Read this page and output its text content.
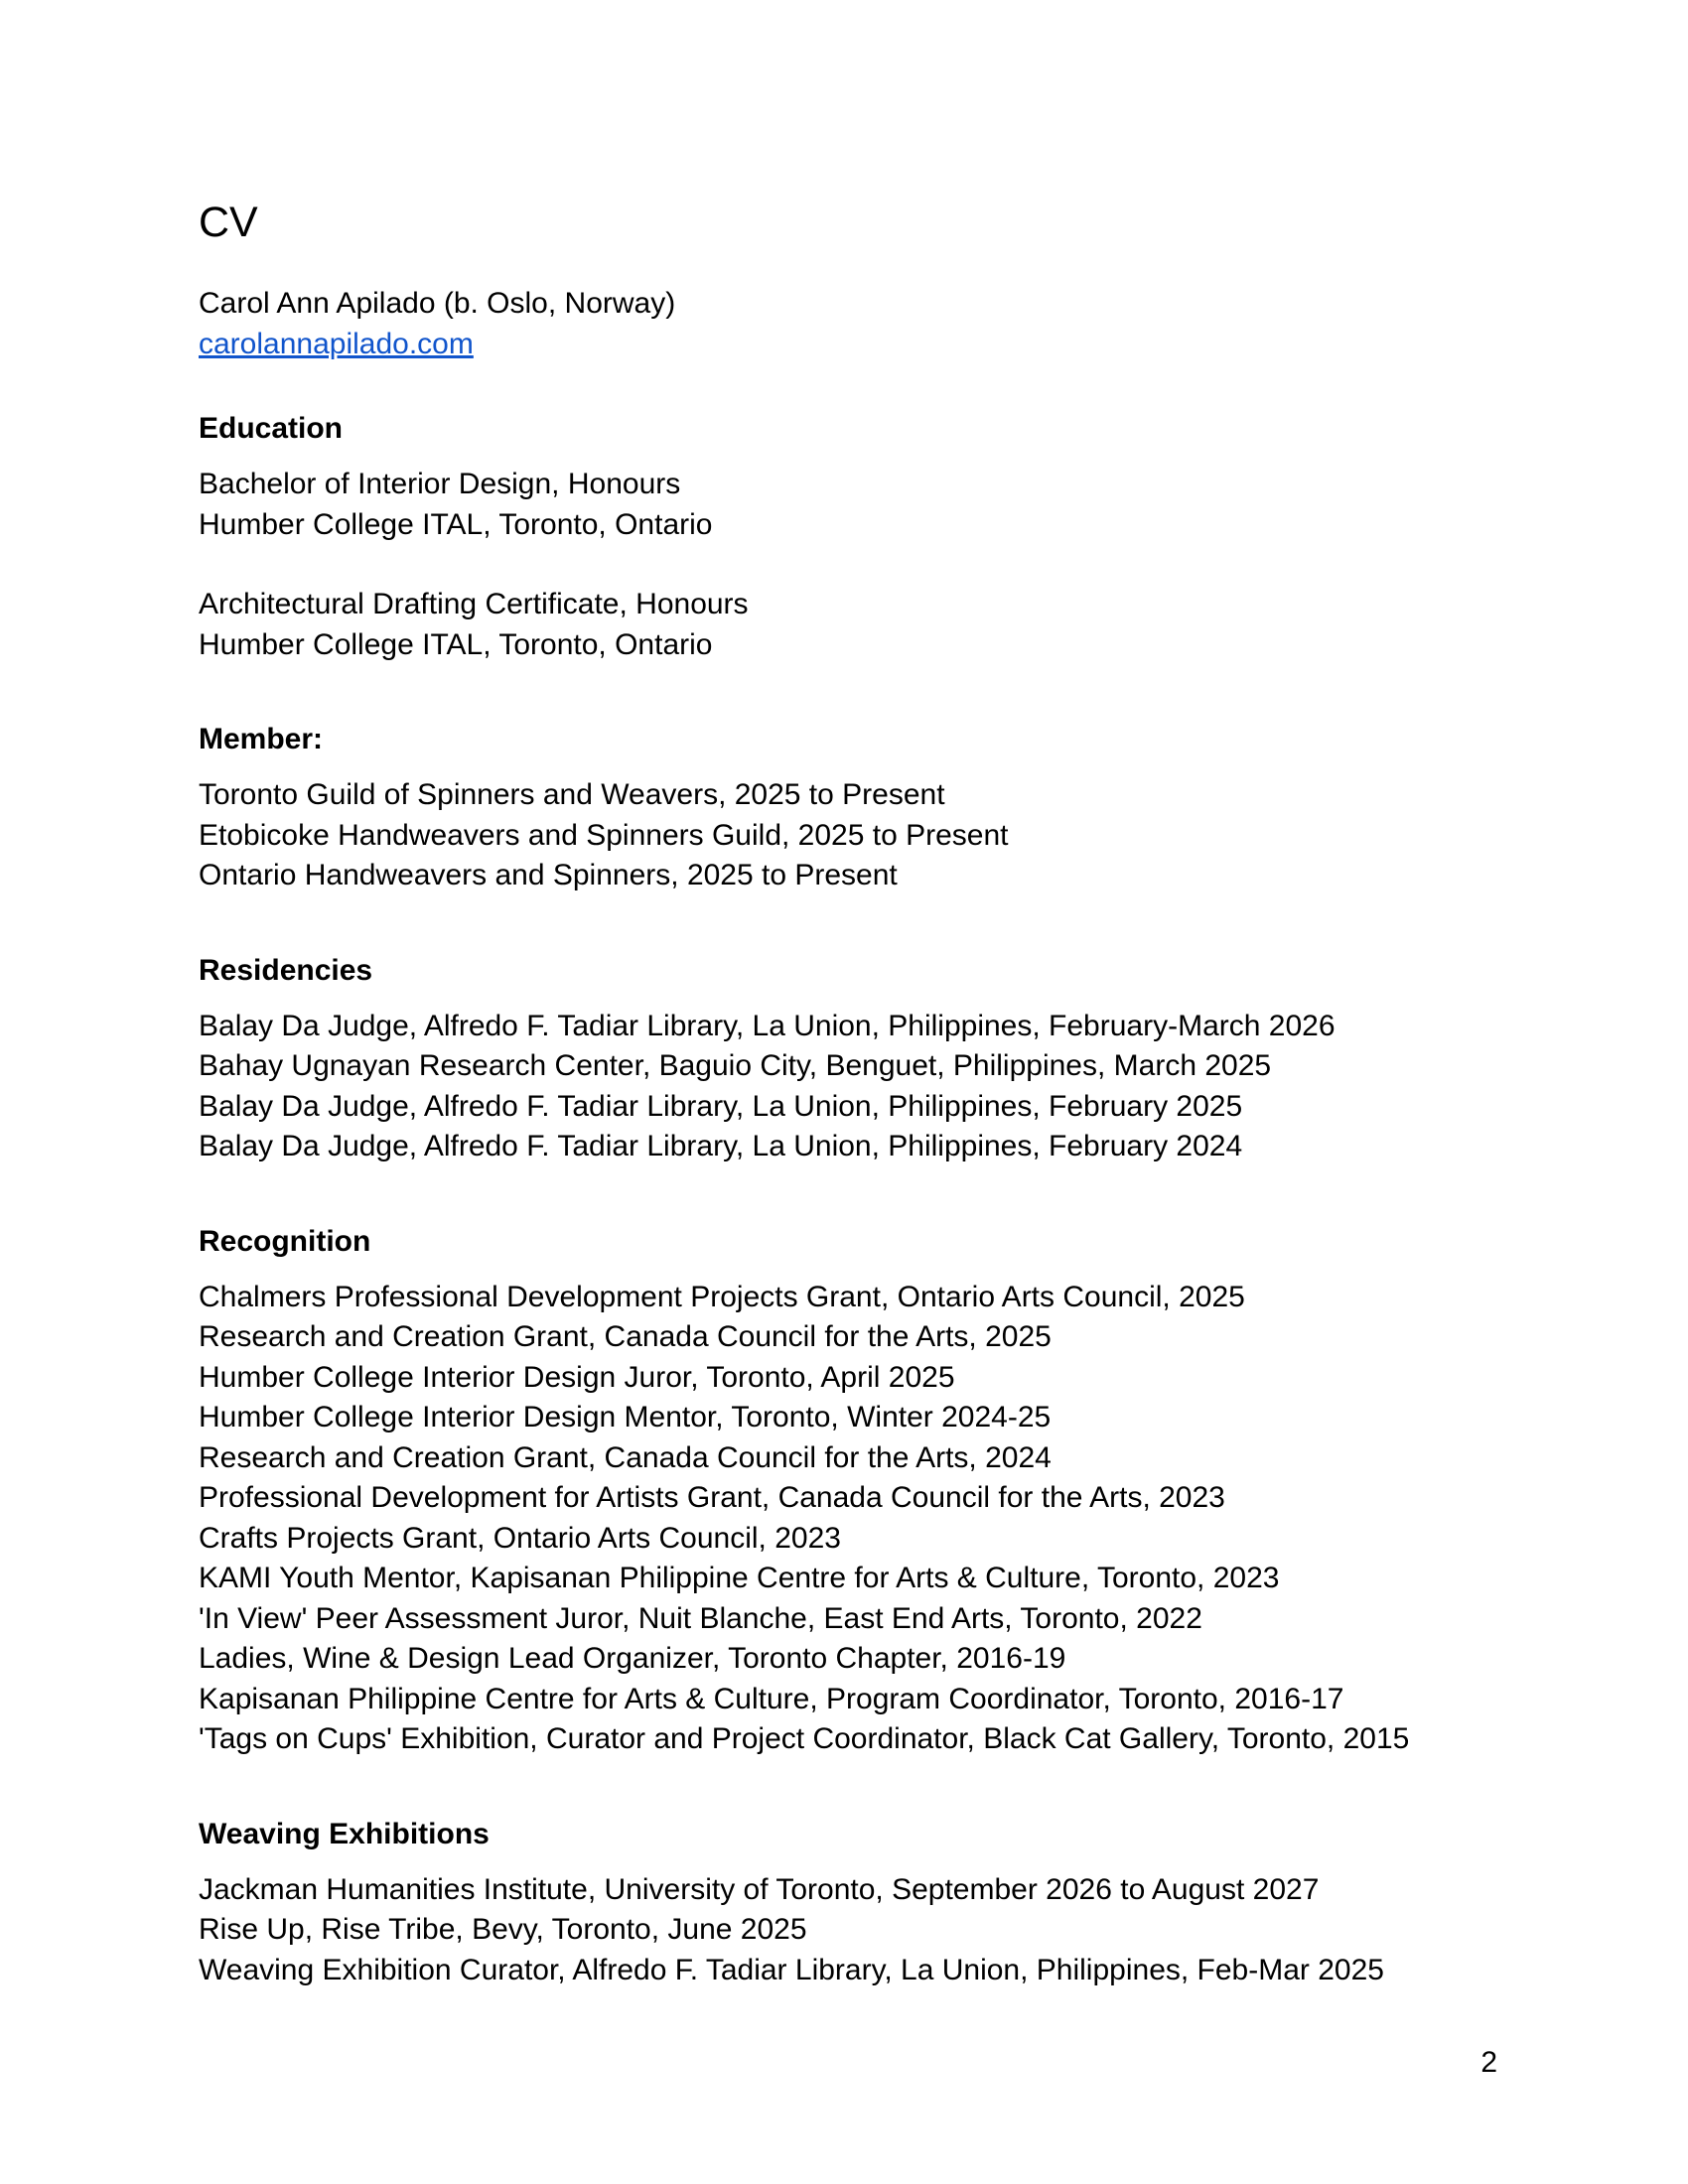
CV
Carol Ann Apilado (b. Oslo, Norway)
carolannapilado.com
Education
Bachelor of Interior Design, Honours
Humber College ITAL, Toronto, Ontario
Architectural Drafting Certificate, Honours
Humber College ITAL, Toronto, Ontario
Member:
Toronto Guild of Spinners and Weavers, 2025 to Present
Etobicoke Handweavers and Spinners Guild, 2025 to Present
Ontario Handweavers and Spinners, 2025 to Present
Residencies
Balay Da Judge, Alfredo F. Tadiar Library, La Union, Philippines, February-March 2026
Bahay Ugnayan Research Center, Baguio City, Benguet, Philippines, March 2025
Balay Da Judge, Alfredo F. Tadiar Library, La Union, Philippines, February 2025
Balay Da Judge, Alfredo F. Tadiar Library, La Union, Philippines, February 2024
Recognition
Chalmers Professional Development Projects Grant, Ontario Arts Council, 2025
Research and Creation Grant, Canada Council for the Arts, 2025
Humber College Interior Design Juror, Toronto, April 2025
Humber College Interior Design Mentor, Toronto, Winter 2024-25
Research and Creation Grant, Canada Council for the Arts, 2024
Professional Development for Artists Grant, Canada Council for the Arts, 2023
Crafts Projects Grant, Ontario Arts Council, 2023
KAMI Youth Mentor, Kapisanan Philippine Centre for Arts & Culture, Toronto, 2023
'In View' Peer Assessment Juror, Nuit Blanche, East End Arts, Toronto, 2022
Ladies, Wine & Design Lead Organizer, Toronto Chapter, 2016-19
Kapisanan Philippine Centre for Arts & Culture, Program Coordinator, Toronto, 2016-17
'Tags on Cups' Exhibition, Curator and Project Coordinator, Black Cat Gallery, Toronto, 2015
Weaving Exhibitions
Jackman Humanities Institute, University of Toronto, September 2026 to August 2027
Rise Up, Rise Tribe, Bevy, Toronto, June 2025
Weaving Exhibition Curator, Alfredo F. Tadiar Library, La Union, Philippines, Feb-Mar 2025
2
